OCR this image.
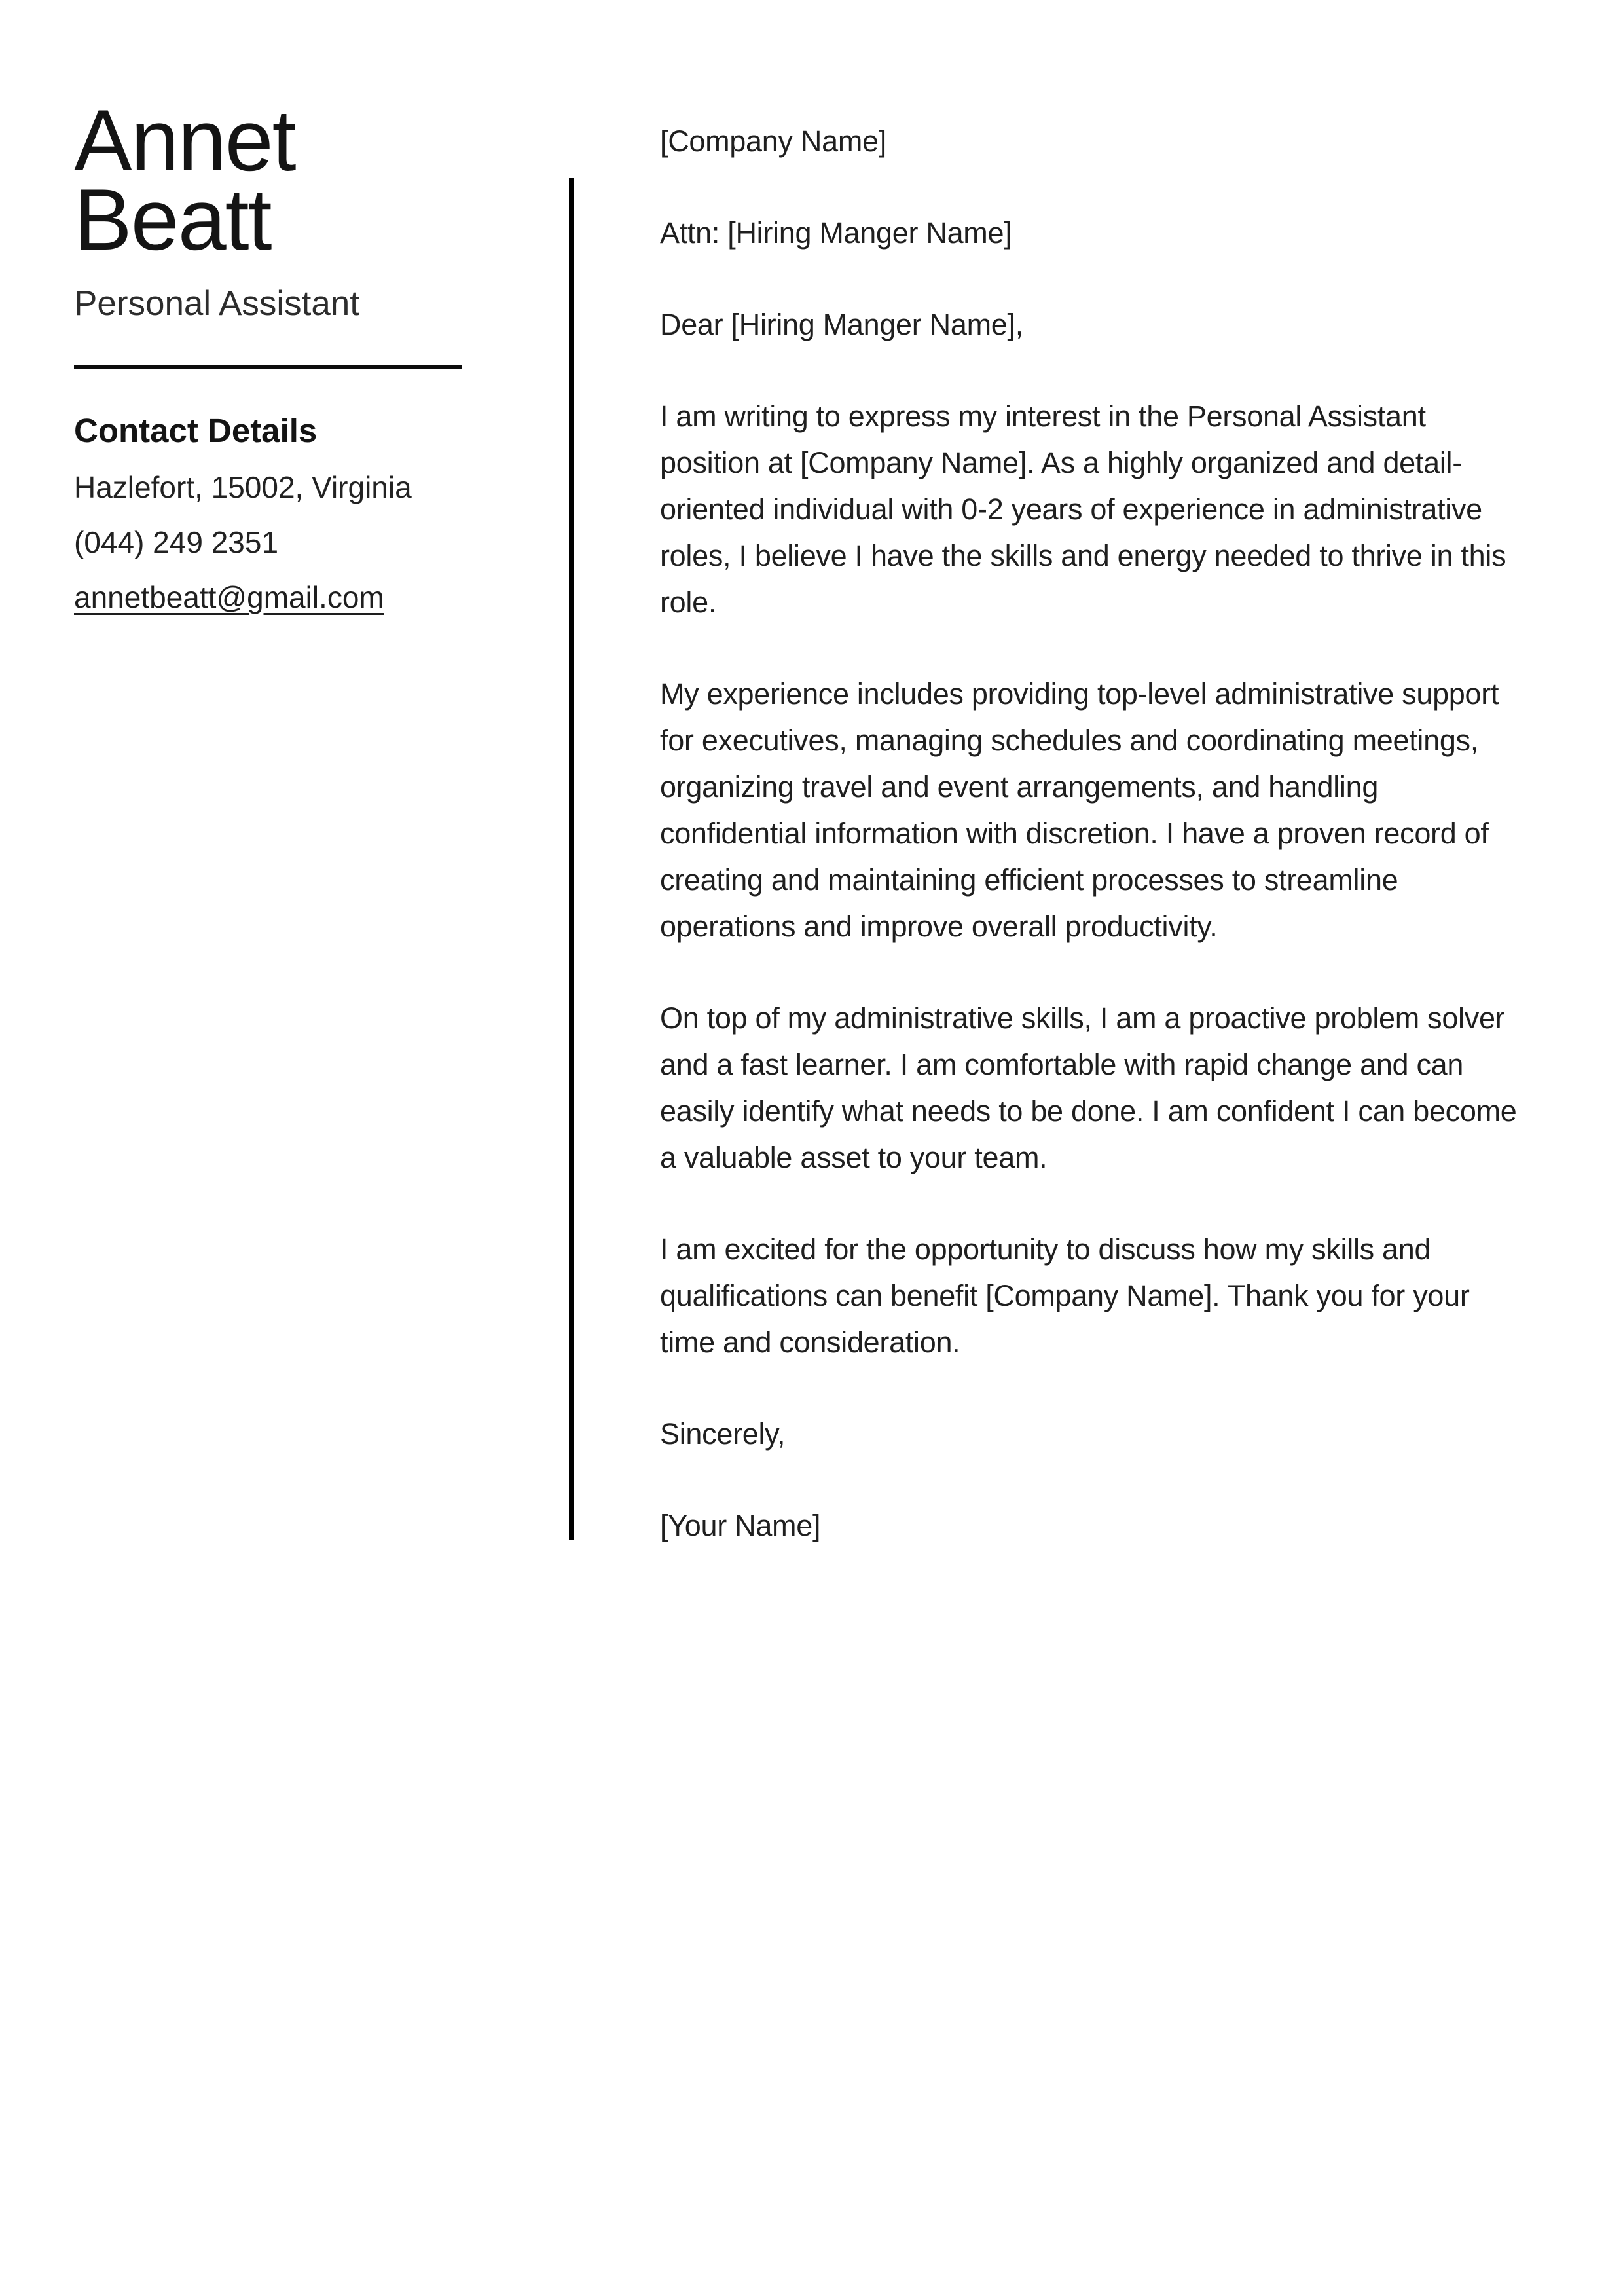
Annet
Beatt
Personal Assistant
Contact Details
Hazlefort, 15002, Virginia
(044) 249 2351
annetbeatt@gmail.com

[Company Name]

Attn: [Hiring Manger Name]

Dear [Hiring Manger Name],

I am writing to express my interest in the Personal Assistant position at [Company Name]. As a highly organized and detail-oriented individual with 0-2 years of experience in administrative roles, I believe I have the skills and energy needed to thrive in this role.

My experience includes providing top-level administrative support for executives, managing schedules and coordinating meetings, organizing travel and event arrangements, and handling confidential information with discretion. I have a proven record of creating and maintaining efficient processes to streamline operations and improve overall productivity.

On top of my administrative skills, I am a proactive problem solver and a fast learner. I am comfortable with rapid change and can easily identify what needs to be done. I am confident I can become a valuable asset to your team.

I am excited for the opportunity to discuss how my skills and qualifications can benefit [Company Name]. Thank you for your time and consideration.

Sincerely,

[Your Name]
